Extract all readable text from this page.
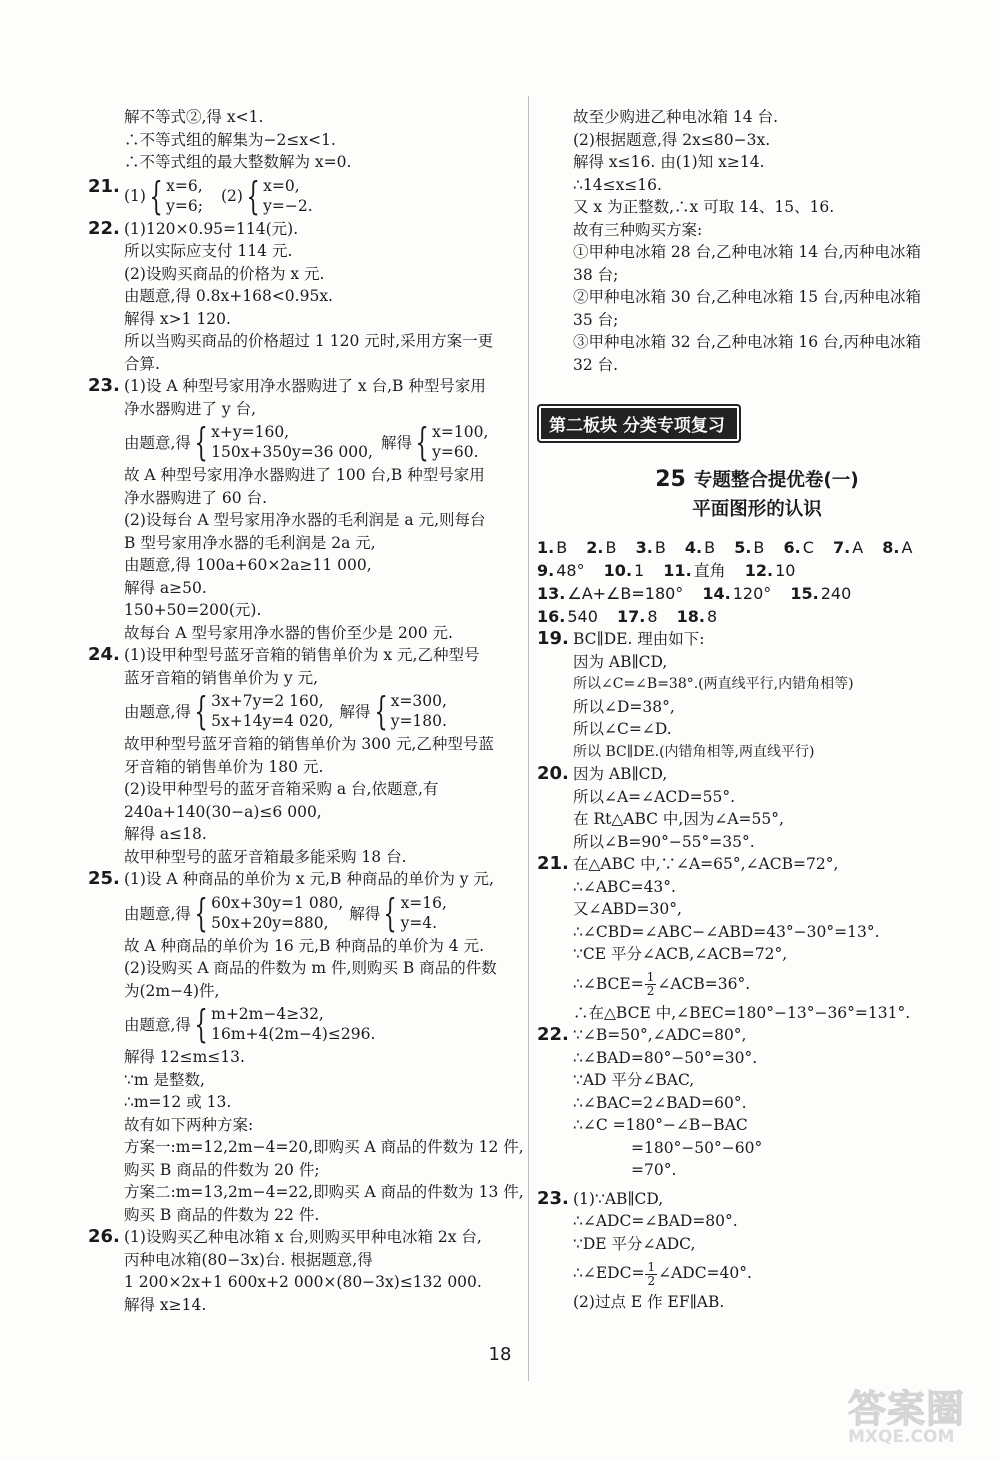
解不等式②,得 x<1.
∴不等式组的解集为−2≤x<1.
∴不等式组的最大整数解为 x=0.
21. (1) { x=6,
y=6;
(2) { x=0,
y=−2.
22. (1)120×0.95=114(元).
所以实际应支付 114 元.
(2)设购买商品的价格为 x 元.
由题意,得 0.8x+168<0.95x.
解得 x>1 120.
所以当购买商品的价格超过 1 120 元时,采用方案一更
合算.
23. (1)设 A 种型号家用净水器购进了 x 台,B 种型号家用
净水器购进了 y 台,
由题意,得 { x+y=160,
150x+350y=36 000, 解得 { x=100,
y=60.
故 A 种型号家用净水器购进了 100 台,B 种型号家用
净水器购进了 60 台.
(2)设每台 A 型号家用净水器的毛利润是 a 元,则每台
B 型号家用净水器的毛利润是 2a 元,
由题意,得 100a+60×2a≥11 000,
解得 a≥50.
150+50=200(元).
故每台 A 型号家用净水器的售价至少是 200 元.
24. (1)设甲种型号蓝牙音箱的销售单价为 x 元,乙种型号
蓝牙音箱的销售单价为 y 元,
由题意,得 { 3x+7y=2 160,
5x+14y=4 020, 解得 { x=300,
y=180.
故甲种型号蓝牙音箱的销售单价为 300 元,乙种型号蓝
牙音箱的销售单价为 180 元.
(2)设甲种型号的蓝牙音箱采购 a 台,依题意,有
240a+140(30−a)≤6 000,
解得 a≤18.
故甲种型号的蓝牙音箱最多能采购 18 台.
25. (1)设 A 种商品的单价为 x 元,B 种商品的单价为 y 元,
由题意,得 { 60x+30y=1 080,
50x+20y=880,	解得 { x=16,
y=4.
故 A 种商品的单价为 16 元,B 种商品的单价为 4 元.
(2)设购买 A 商品的件数为 m 件,则购买 B 商品的件数
为(2m−4)件,
由题意,得 { m+2m−4≥32,
16m+4(2m−4)≤296.
解得 12≤m≤13.
∵m 是整数,
∴m=12 或 13.
故有如下两种方案:
方案一:m=12,2m−4=20,即购买 A 商品的件数为 12 件,
购买 B 商品的件数为 20 件;
方案二:m=13,2m−4=22,即购买 A 商品的件数为 13 件,
购买 B 商品的件数为 22 件.
26. (1)设购买乙种电冰箱 x 台,则购买甲种电冰箱 2x 台,
丙种电冰箱(80−3x)台. 根据题意,得
1 200×2x+1 600x+2 000×(80−3x)≤132 000.
解得 x≥14.
故至少购进乙种电冰箱 14 台.
(2)根据题意,得 2x≤80−3x.
解得 x≤16. 由(1)知 x≥14.
∴14≤x≤16.
又 x 为正整数,∴x 可取 14、15、16.
故有三种购买方案:
①甲种电冰箱 28 台,乙种电冰箱 14 台,丙种电冰箱
38 台;
②甲种电冰箱 30 台,乙种电冰箱 15 台,丙种电冰箱
35 台;
③甲种电冰箱 32 台,乙种电冰箱 16 台,丙种电冰箱
32 台.
第二板块 分类专项复习
25 专题整合提优卷(一)
平面图形的认识
1. B 2. B 3. B 4. B 5. B 6. C 7. A 8. A
9. 48° 10. 1 11. 直角 12. 10
13. ∠A+∠B=180° 14. 120° 15. 240
16. 540 17. 8 18. 8
19. BC∥DE. 理由如下:
因为 AB∥CD,
所以∠C=∠B=38°.(两直线平行,内错角相等)
所以∠D=38°,
所以∠C=∠D.
所以 BC∥DE.(内错角相等,两直线平行)
20. 因为 AB∥CD,
所以∠A=∠ACD=55°.
在 Rt△ABC 中,因为∠A=55°,
所以∠B=90°−55°=35°.
21. 在△ABC 中,∵∠A=65°,∠ACB=72°,
∴∠ABC=43°.
又∠ABD=30°,
∴∠CBD=∠ABC−∠ABD=43°−30°=13°.
∵CE 平分∠ACB,∠ACB=72°,
∴∠BCE= $\frac{1}{2}$ ∠ACB=36°.
∴在△BCE 中,∠BEC=180°−13°−36°=131°.
22. ∵∠B=50°,∠ADC=80°,
∴∠BAD=80°−50°=30°.
∵AD 平分∠BAC,
∴∠BAC=2∠BAD=60°.
∴∠C =180°−∠B−BAC
=180°−50°−60°
=70°.
23. (1)∵AB∥CD,
∴∠ADC=∠BAD=80°.
∵DE 平分∠ADC,
∴∠EDC= $\frac{1}{2}$ ∠ADC=40°.
(2)过点 E 作 EF∥AB.
18
答案圈
MXQE.COM
